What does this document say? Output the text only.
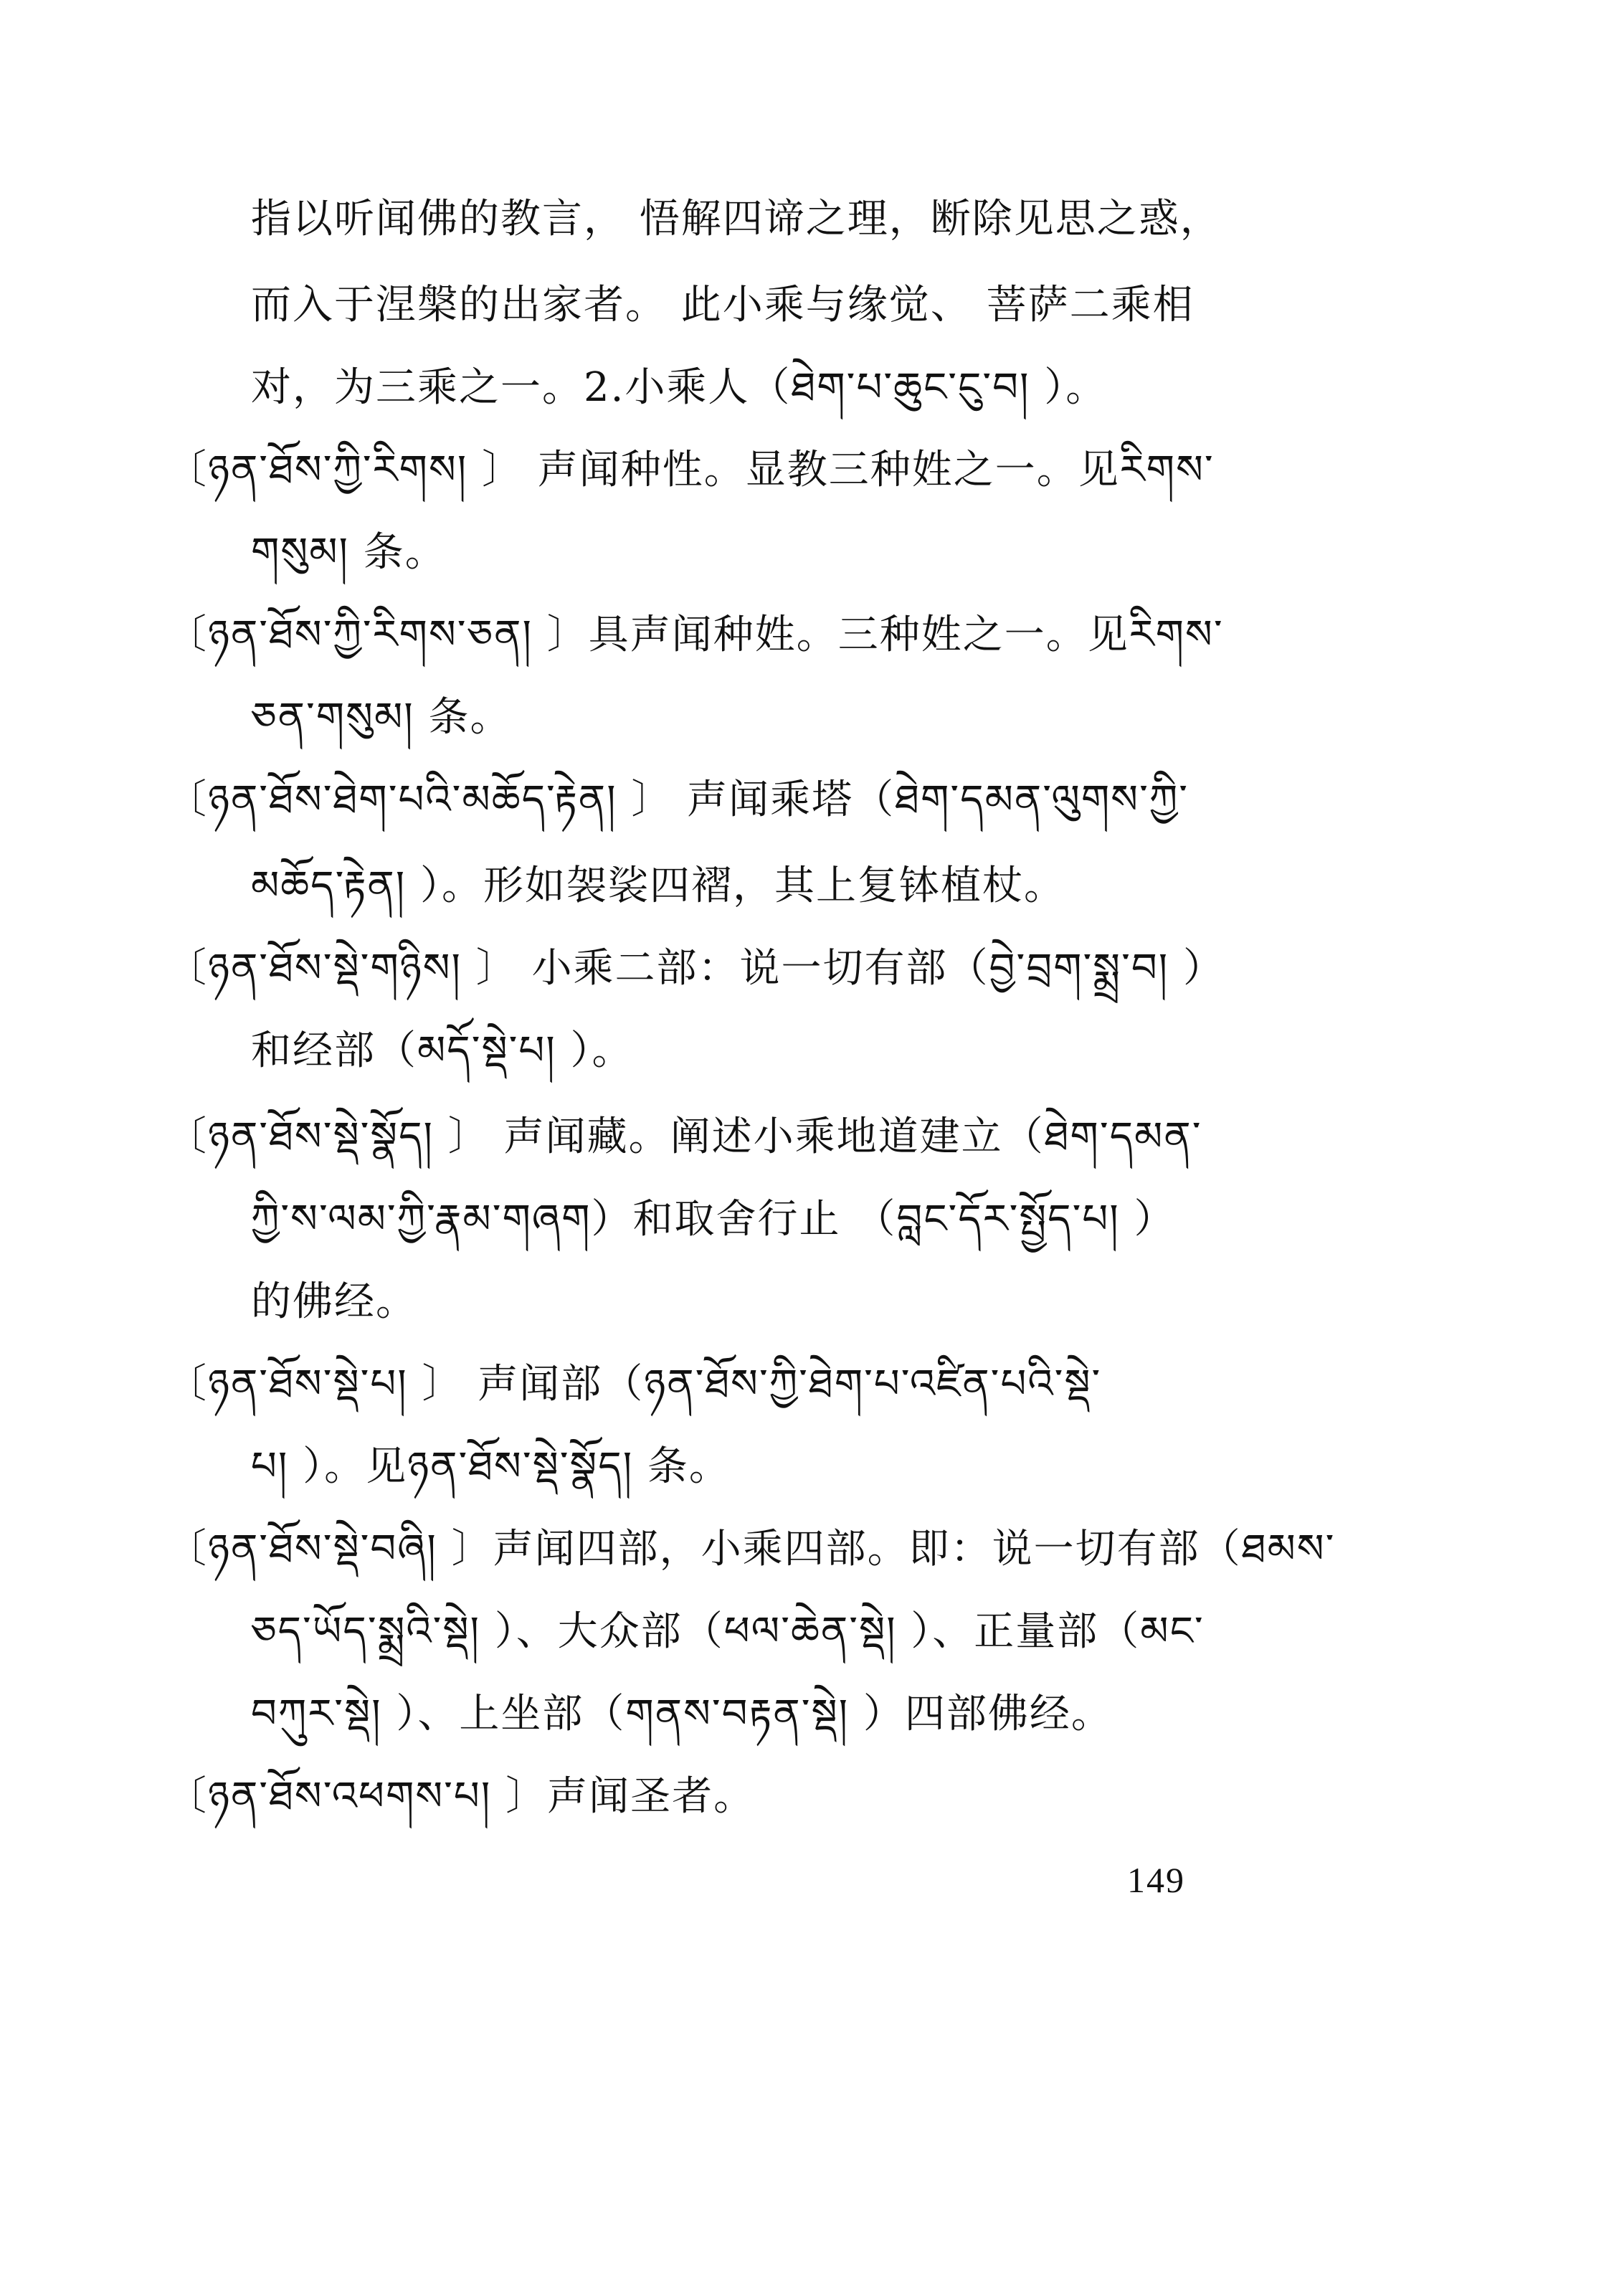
指以听闻佛的教言， 悟解四谛之理，断除见思之惑，
而入于涅槃的出家者。 此小乘与缘觉、 菩萨二乘相
对，为三乘之一。2.小乘人（ཐེག་པ་ཆུང་ངུ་བ། ）。
〔ཉན་ཐོས་ཀྱི་རིགས། 〕 声闻种性。显教三种姓之一。见རིགས་
གསུམ། 条。
〔ཉན་ཐོས་ཀྱི་རིགས་ཅན། 〕具声闻种姓。三种姓之一。见རིགས་
ཅན་གསུམ། 条。
〔ཉན་ཐོས་ཐེག་པའི་མཆོད་རྟེན། 〕 声闻乘塔（ཐེག་དམན་ལུགས་ཀྱི་
མཆོད་རྟེན། ）。形如袈裟四褶，其上复钵植杖。
〔ཉན་ཐོས་སྡེ་གཉིས། 〕 小乘二部：说一切有部（བྱེ་བྲག་སྨྲ་བ། ）
和经部（མདོ་སྡེ་པ། ）。
〔ཉན་ཐོས་སྡེ་སྣོད། 〕 声闻藏。阐述小乘地道建立（ཐེག་དམན་
ཀྱི་ས་ལམ་ཀྱི་རྣམ་གཞག）和取舍行止 （བླང་དོར་སྤྱོད་པ། ）
的佛经。
〔ཉན་ཐོས་སྡེ་པ། 〕 声闻部（ཉན་ཐོས་ཀྱི་ཐེག་པ་འཛིན་པའི་སྡེ་
པ། ）。见ཉན་ཐོས་སྡེ་སྣོད། 条。
〔ཉན་ཐོས་སྡེ་བཞི། 〕声闻四部，小乘四部。即：说一切有部（ཐམས་
ཅད་ཡོད་སྨྲའི་སྡེ། ）、大众部（ཕལ་ཆེན་སྡེ། ）、正量部（མང་
བཀུར་སྡེ། ）、上坐部（གནས་བརྟན་སྡེ། ）四部佛经。
〔ཉན་ཐོས་འཕགས་པ། 〕声闻圣者。
149
